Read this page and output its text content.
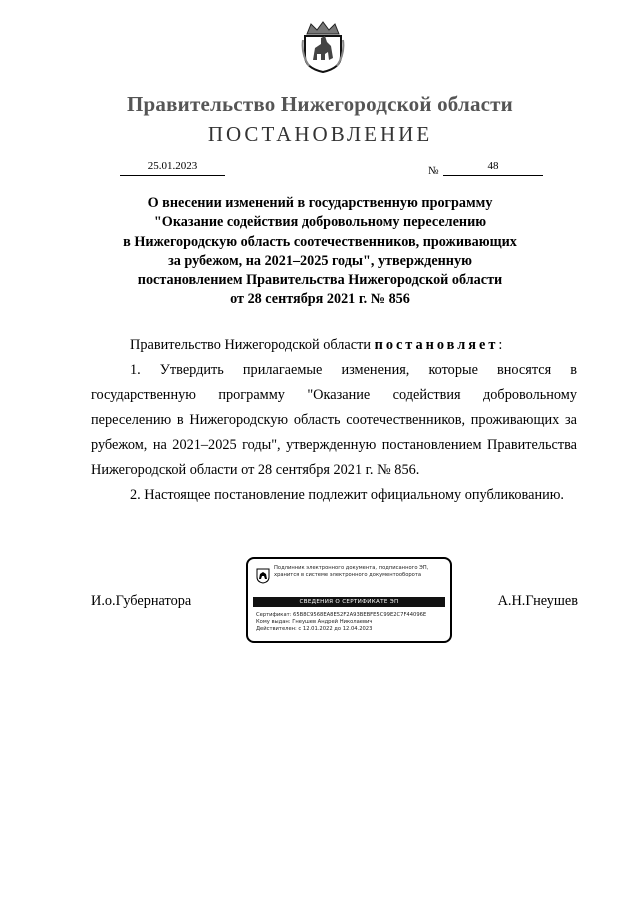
Правительство Нижегородской области
ПОСТАНОВЛЕНИЕ
25.01.2023	№	48
О внесении изменений в государственную программу
"Оказание содействия добровольному переселению
в Нижегородскую область соотечественников, проживающих
за рубежом, на 2021–2025 годы", утвержденную
постановлением Правительства Нижегородской области
от 28 сентября 2021 г. № 856

Правительство Нижегородской области постановляет:

1. Утвердить прилагаемые изменения, которые вносятся в государственную программу "Оказание содействия добровольному переселению в Нижегородскую область соотечественников, проживающих за рубежом, на 2021–2025 годы", утвержденную постановлением Правительства Нижегородской области от 28 сентября 2021 г. № 856.

2. Настоящее постановление подлежит официальному опубликованию.

И.о.Губернатора	А.Н.Гнеушев
Подлинник электронного документа, подписанного ЭП,
хранится в системе электронного документооборота
СВЕДЕНИЯ О СЕРТИФИКАТЕ ЭП
Сертификат: 65B8C9568EA8E52F2A93BEBFE5C99E2C7F44096E
Кому выдан: Гнеушев Андрей Николаевич
Действителен: с 12.01.2022 до 12.04.2023
